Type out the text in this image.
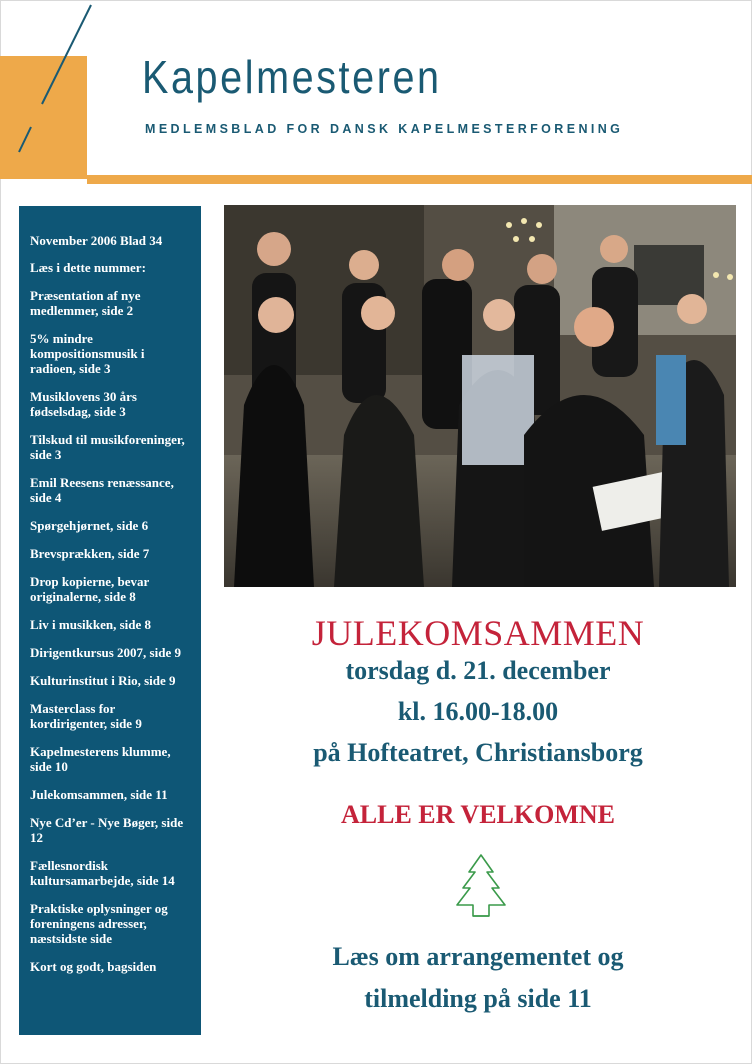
Kapelmesteren
MEDLEMSBLAD FOR DANSK KAPELMESTERFORENING
November 2006 Blad 34
Læs i dette nummer:
Præsentation af nye medlemmer, side 2
5% mindre kompositionsmusik i radioen, side 3
Musiklovens 30 års fødselsdag, side 3
Tilskud til musikforeninger, side 3
Emil Reesens renæssance, side 4
Spørgehjørnet, side 6
Brevsprækken, side 7
Drop kopierne, bevar originalerne, side 8
Liv i musikken, side 8
Dirigentkursus 2007, side 9
Kulturinstitut i Rio, side 9
Masterclass for kordirigenter, side 9
Kapelmesterens klumme, side 10
Julekomsammen, side 11
Nye Cd’er - Nye Bøger, side 12
Fællesnordisk kultursamarbejde, side 14
Praktiske oplysninger og foreningens adresser, næstsidste side
Kort og godt, bagsiden
JULEKOMSAMMEN
torsdag d. 21. december
kl. 16.00-18.00
på Hofteatret, Christiansborg
ALLE ER VELKOMNE
Læs om arrangementet og
tilmelding på side 11
